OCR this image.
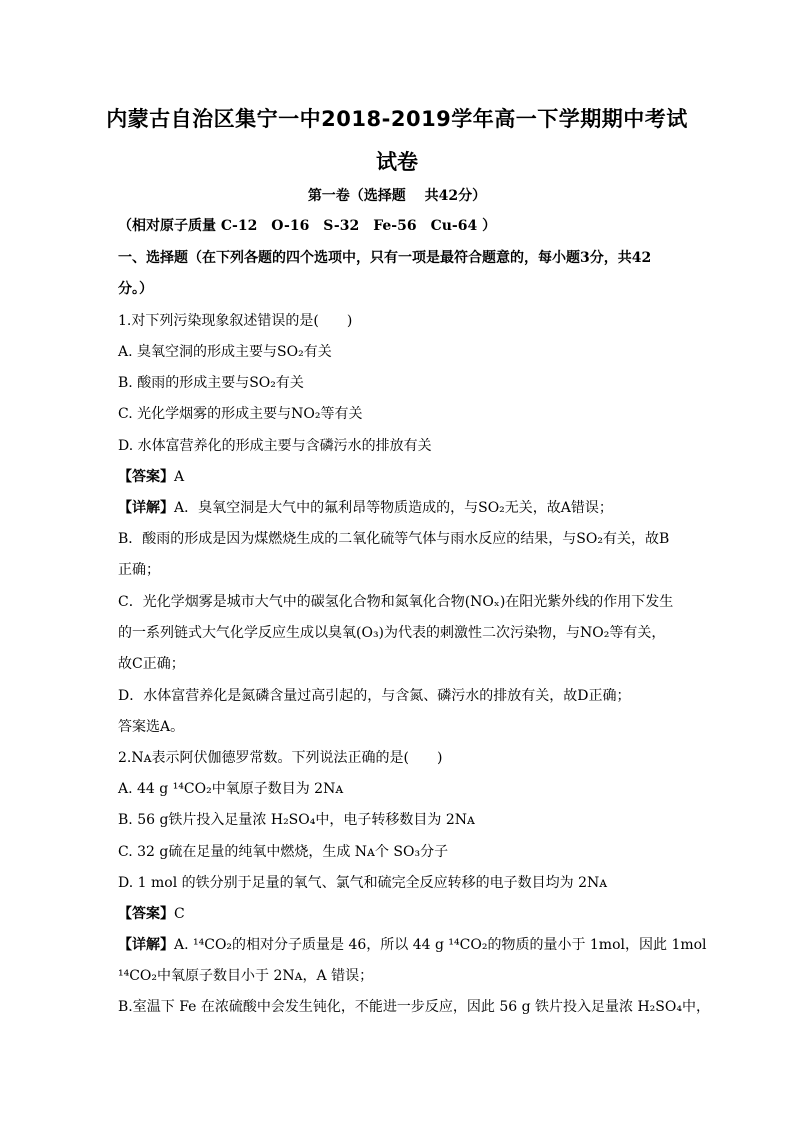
内蒙古自治区集宁一中2018-2019学年高一下学期期中考试
试卷
第一卷（选择题　 共42分）
（相对原子质量 C-12　O-16　S-32　Fe-56　Cu-64 ）
一、选择题（在下列各题的四个选项中，只有一项是最符合题意的，每小题3分，共42
分。）
1.对下列污染现象叙述错误的是(　　)
A. 臭氧空洞的形成主要与SO₂有关
B. 酸雨的形成主要与SO₂有关
C. 光化学烟雾的形成主要与NO₂等有关
D. 水体富营养化的形成主要与含磷污水的排放有关
【答案】A
【详解】A．臭氧空洞是大气中的氟利昂等物质造成的，与SO₂无关，故A错误；
B．酸雨的形成是因为煤燃烧生成的二氧化硫等气体与雨水反应的结果，与SO₂有关，故B
正确；
C．光化学烟雾是城市大气中的碳氢化合物和氮氧化合物(NOₓ)在阳光紫外线的作用下发生
的一系列链式大气化学反应生成以臭氧(O₃)为代表的刺激性二次污染物，与NO₂等有关，
故C正确；
D．水体富营养化是氮磷含量过高引起的，与含氮、磷污水的排放有关，故D正确；
答案选A。
2.Nᴀ表示阿伏伽德罗常数。下列说法正确的是(　　)
A. 44 g ¹⁴CO₂中氧原子数目为 2Nᴀ
B. 56 g铁片投入足量浓 H₂SO₄中，电子转移数目为 2Nᴀ
C. 32 g硫在足量的纯氧中燃烧，生成 Nᴀ个 SO₃分子
D. 1 mol 的铁分别于足量的氧气、氯气和硫完全反应转移的电子数目均为 2Nᴀ
【答案】C
【详解】A. ¹⁴CO₂的相对分子质量是 46，所以 44 g ¹⁴CO₂的物质的量小于 1mol，因此 1mol
¹⁴CO₂中氧原子数目小于 2Nᴀ，A 错误；
B.室温下 Fe 在浓硫酸中会发生钝化，不能进一步反应，因此 56 g 铁片投入足量浓 H₂SO₄中，
